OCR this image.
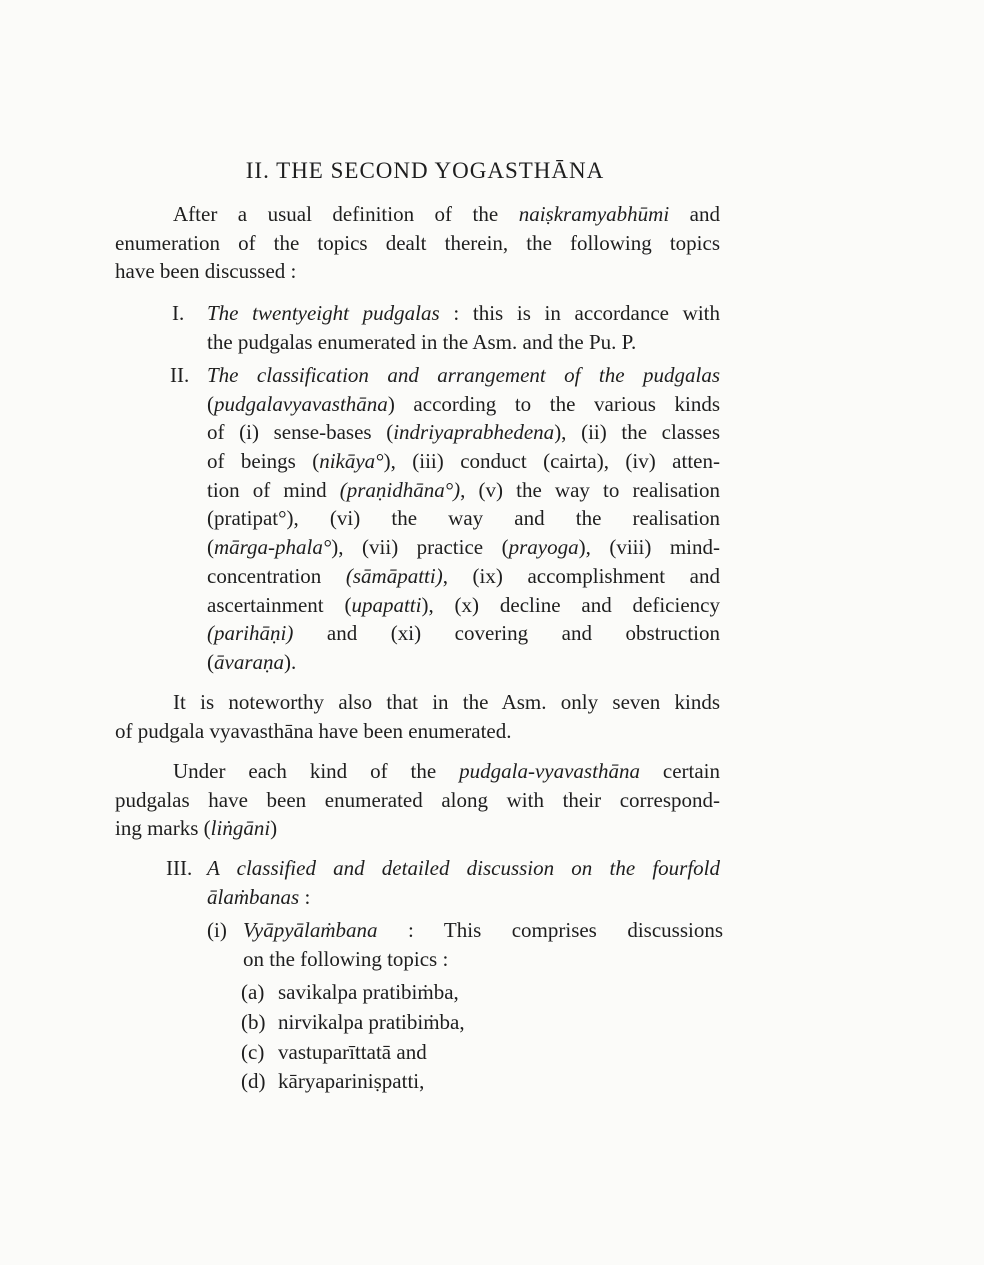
II. THE SECOND YOGASTHĀNA
After a usual definition of the naiṣkramyabhūmi and
enumeration of the topics dealt therein, the following topics
have been discussed :
I. The twentyeight pudgalas : this is in accordance with
the pudgalas enumerated in the Asm. and the Pu. P.
II. The classification and arrangement of the pudgalas
(pudgalavyavasthāna) according to the various kinds
of (i) sense-bases (indriyaprabhedena), (ii) the classes
of beings (nikāya°), (iii) conduct (cairta), (iv) atten-
tion of mind (praṇidhāna°), (v) the way to realisation
(pratipat°), (vi) the way and the realisation
(mārga-phala°), (vii) practice (prayoga), (viii) mind-
concentration (sāmāpatti), (ix) accomplishment and
ascertainment (upapatti), (x) decline and deficiency
(parihāṇi) and (xi) covering and obstruction
(āvaraṇa).
It is noteworthy also that in the Asm. only seven kinds
of pudgala vyavasthāna have been enumerated.
Under each kind of the pudgala-vyavasthāna certain
pudgalas have been enumerated along with their correspond-
ing marks (liṅgāni)
III. A classified and detailed discussion on the fourfold
ālaṁbanas :
(i) Vyāpyālaṁbana : This comprises discussions
on the following topics :
(a) savikalpa pratibiṁba,
(b) nirvikalpa pratibiṁba,
(c) vastuparīttatā and
(d) kāryapariniṣpatti,
